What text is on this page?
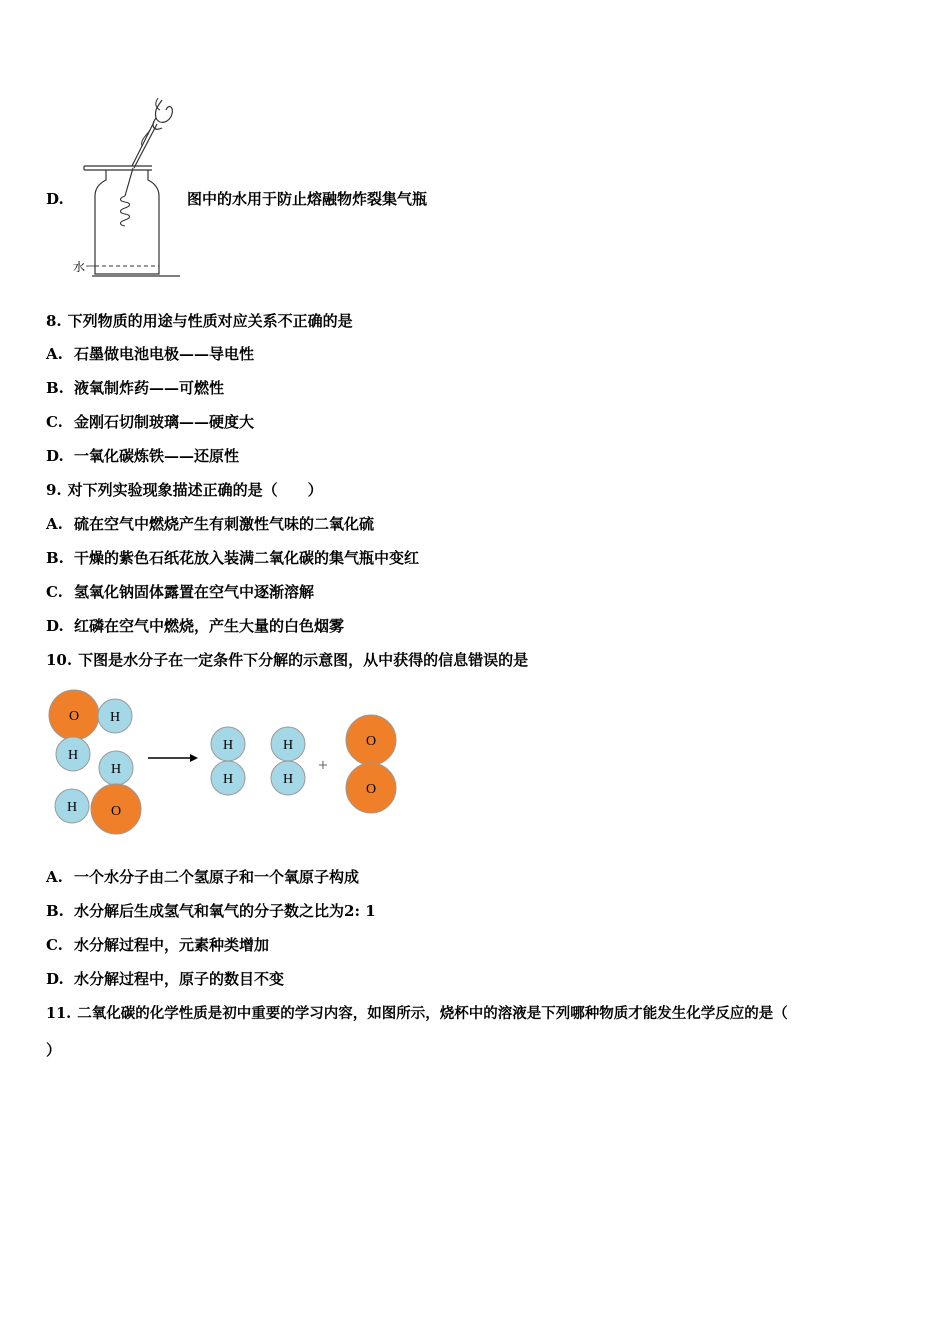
水
D.	图中的水用于防止熔融物炸裂集气瓶
8. 下列物质的用途与性质对应关系不正确的是
A. 石墨做电池电极——导电性
B. 液氧制炸药——可燃性
C. 金刚石切制玻璃——硬度大
D. 一氧化碳炼铁——还原性
9. 对下列实验现象描述正确的是（　　）
A. 硫在空气中燃烧产生有刺激性气味的二氧化硫
B. 干燥的紫色石纸花放入装满二氧化碳的集气瓶中变红
C. 氢氧化钠固体露置在空气中逐渐溶解
D. 红磷在空气中燃烧，产生大量的白色烟雾
10. 下图是水分子在一定条件下分解的示意图，从中获得的信息错误的是
O H
H
H
H O
H
H
H
H
+
O
O
A. 一个水分子由二个氢原子和一个氧原子构成
B. 水分解后生成氢气和氧气的分子数之比为2: 1
C. 水分解过程中，元素种类增加
D. 水分解过程中，原子的数目不变
11. 二氧化碳的化学性质是初中重要的学习内容，如图所示，烧杯中的溶液是下列哪种物质才能发生化学反应的是（
）
